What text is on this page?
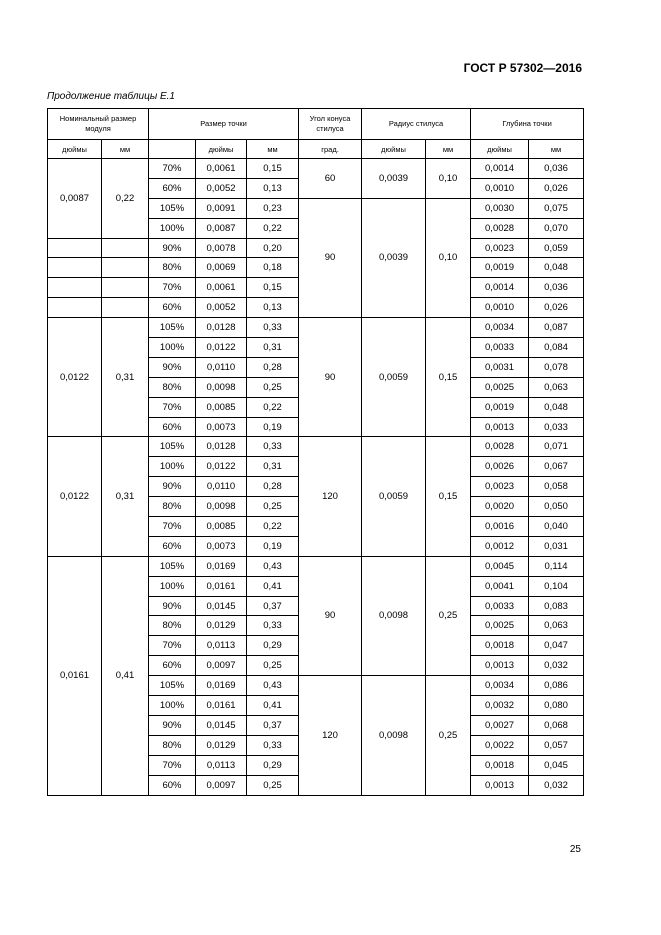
ГОСТ Р 57302—2016
Продолжение таблицы Е.1
Номинальный размер модуля		Размер точки			Угол конуса стилуса	Радиус стилуса		Глубина точки	
дюймы	мм		дюймы	мм	град.	дюймы	мм	дюймы	мм
0,0087	0,22	70%	0,0061	0,15	60	0,0039	0,10	0,0014	0,036
		60%	0,0052	0,13				0,0010	0,026
		105%	0,0091	0,23	90	0,0039	0,10	0,0030	0,075
		100%	0,0087	0,22				0,0028	0,070
		90%	0,0078	0,20				0,0023	0,059
		80%	0,0069	0,18				0,0019	0,048
		70%	0,0061	0,15				0,0014	0,036
		60%	0,0052	0,13				0,0010	0,026
0,0122	0,31	105%	0,0128	0,33	90	0,0059	0,15	0,0034	0,087
		100%	0,0122	0,31				0,0033	0,084
		90%	0,0110	0,28				0,0031	0,078
		80%	0,0098	0,25				0,0025	0,063
		70%	0,0085	0,22				0,0019	0,048
		60%	0,0073	0,19				0,0013	0,033
0,0122	0,31	105%	0,0128	0,33	120	0,0059	0,15	0,0028	0,071
		100%	0,0122	0,31				0,0026	0,067
		90%	0,0110	0,28				0,0023	0,058
		80%	0,0098	0,25				0,0020	0,050
		70%	0,0085	0,22				0,0016	0,040
		60%	0,0073	0,19				0,0012	0,031
0,0161	0,41	105%	0,0169	0,43	90	0,0098	0,25	0,0045	0,114
		100%	0,0161	0,41				0,0041	0,104
		90%	0,0145	0,37				0,0033	0,083
		80%	0,0129	0,33				0,0025	0,063
		70%	0,0113	0,29				0,0018	0,047
		60%	0,0097	0,25				0,0013	0,032
		105%	0,0169	0,43	120	0,0098	0,25	0,0034	0,086
		100%	0,0161	0,41				0,0032	0,080
		90%	0,0145	0,37				0,0027	0,068
		80%	0,0129	0,33				0,0022	0,057
		70%	0,0113	0,29				0,0018	0,045
		60%	0,0097	0,25				0,0013	0,032
25
